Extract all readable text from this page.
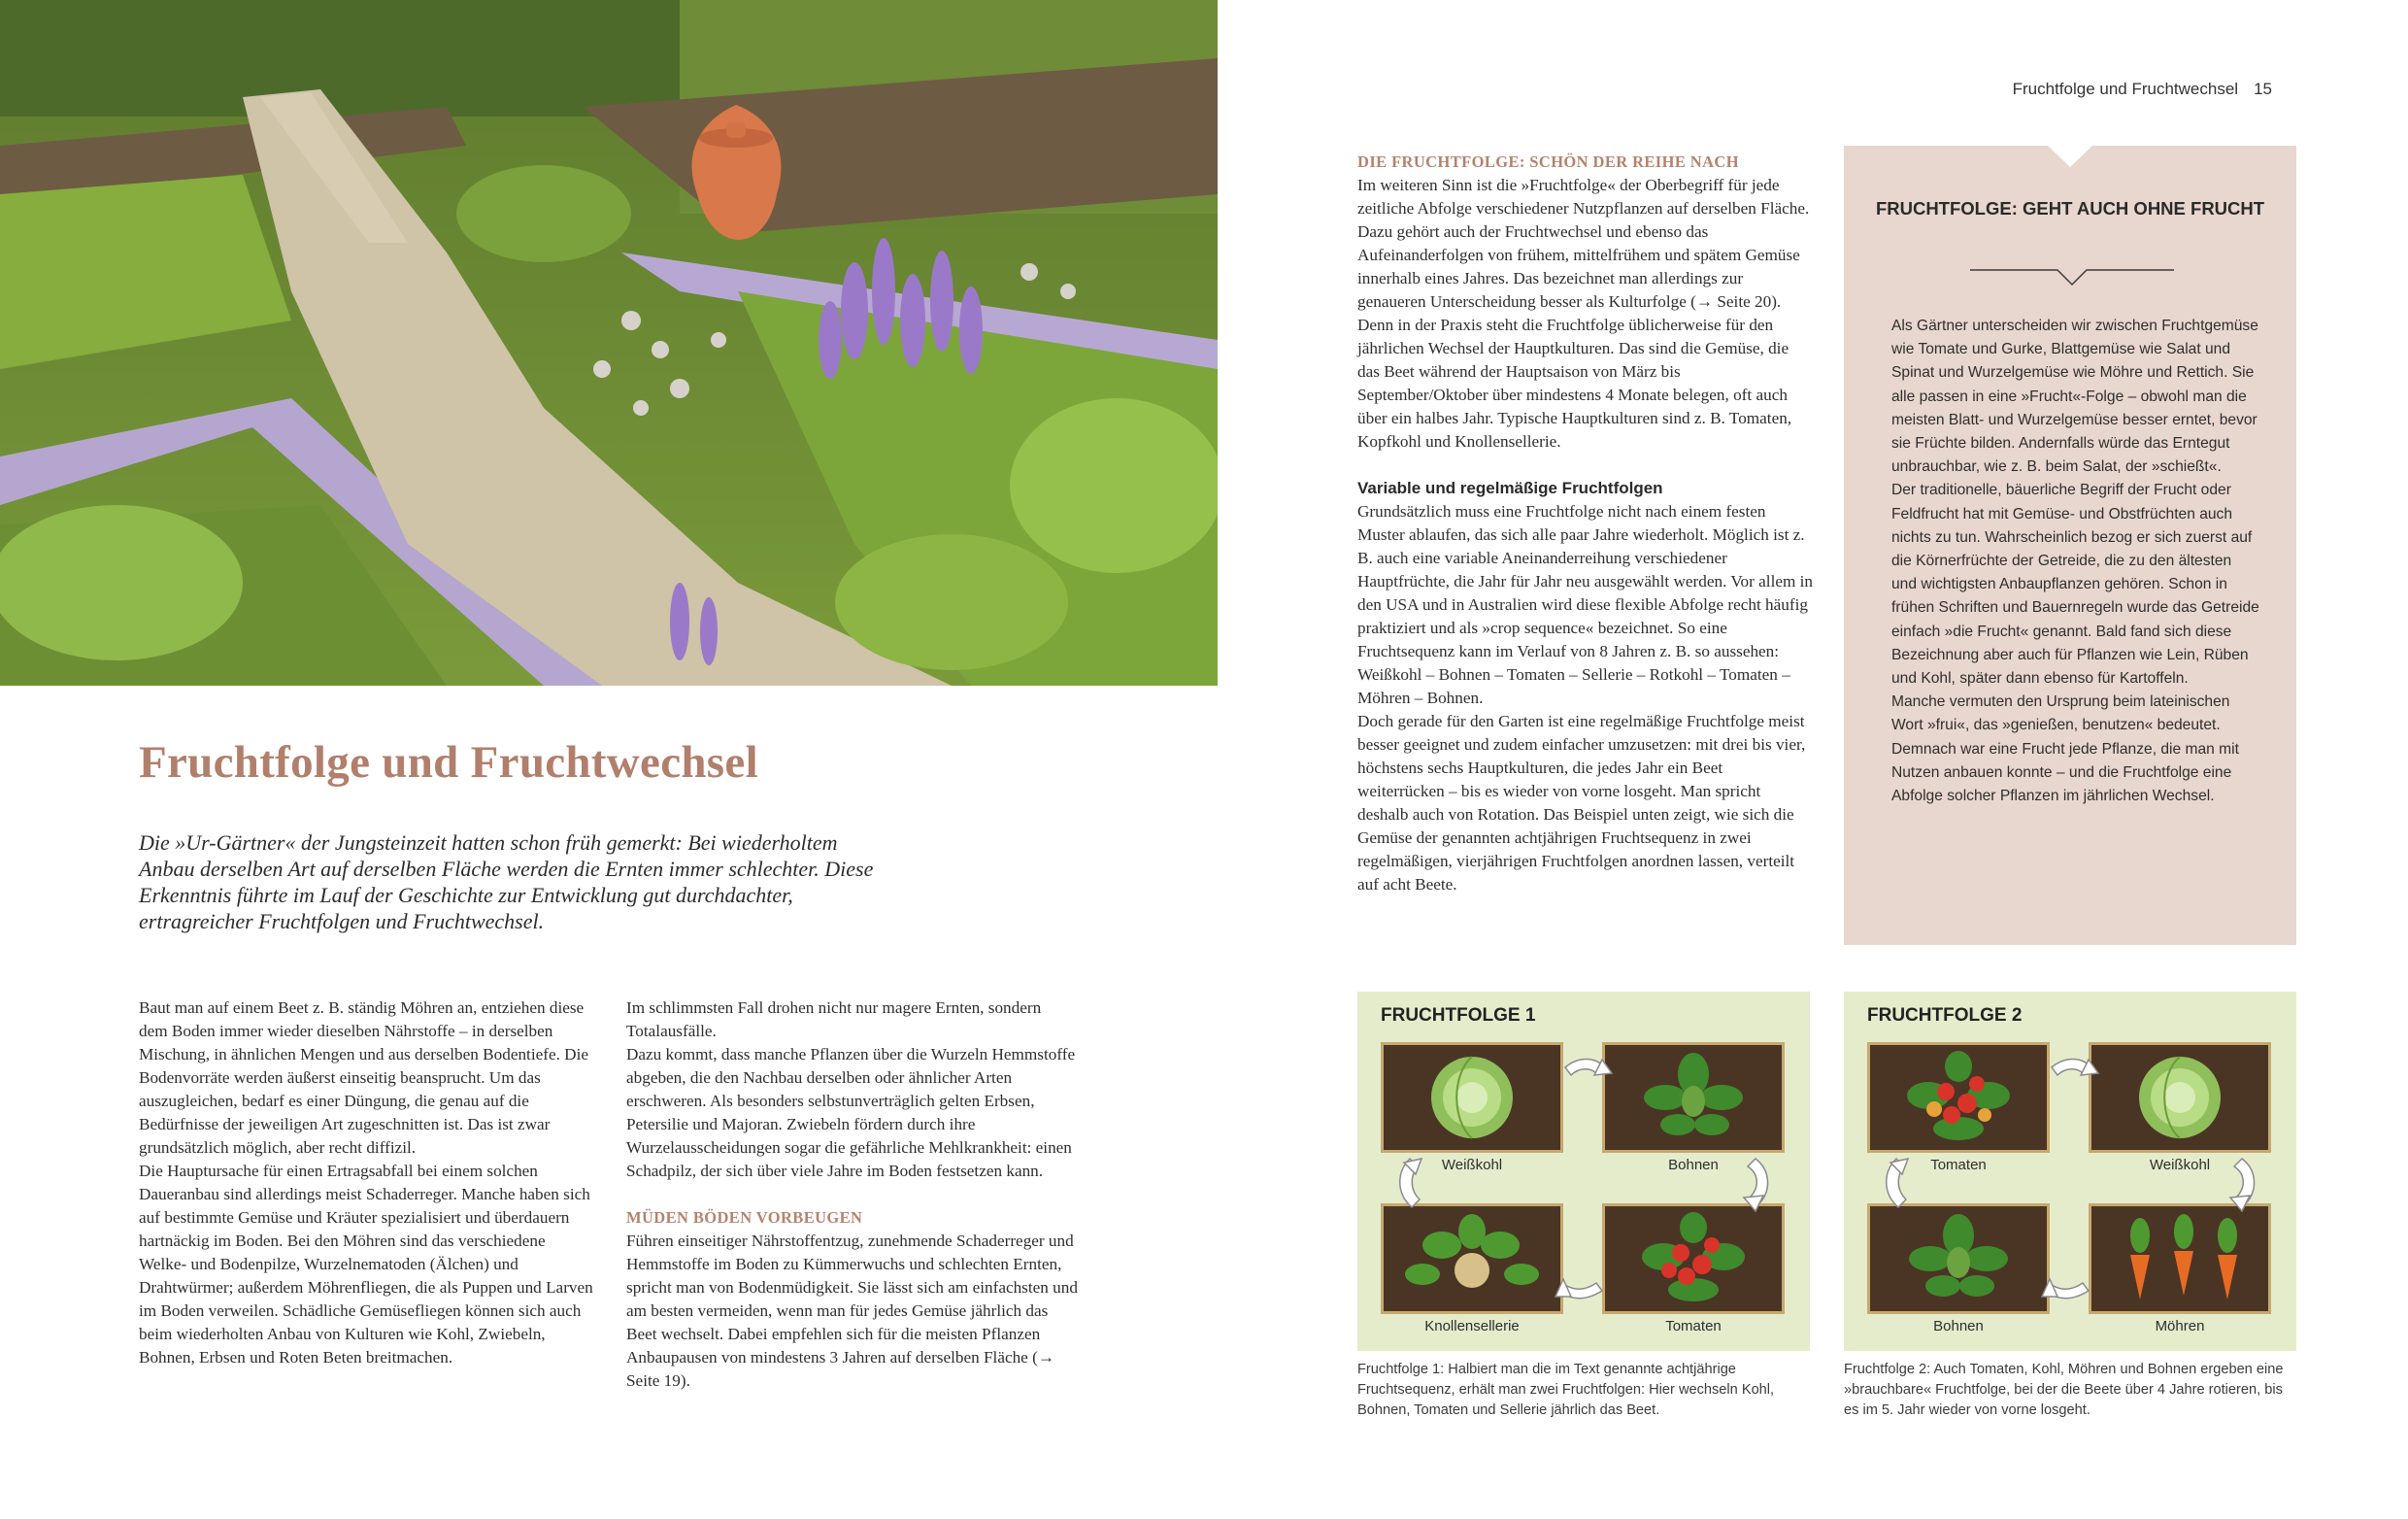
Fruchtfolge und Fruchtwechsel 15
Fruchtfolge und Fruchtwechsel
Die »Ur-Gärtner« der Jungsteinzeit hatten schon früh gemerkt: Bei wiederholtem Anbau derselben Art auf derselben Fläche werden die Ernten immer schlechter. Diese Erkenntnis führte im Lauf der Geschichte zur Entwicklung gut durchdachter, ertragreicher Fruchtfolgen und Fruchtwechsel.

Baut man auf einem Beet z. B. ständig Möhren an, entziehen diese dem Boden immer wieder dieselben Nährstoffe – in derselben Mischung, in ähnlichen Mengen und aus derselben Bodentiefe. Die Bodenvorräte werden äußerst einseitig beansprucht. Um das auszugleichen, bedarf es einer Düngung, die genau auf die Bedürfnisse der jeweiligen Art zugeschnitten ist. Das ist zwar grundsätzlich möglich, aber recht diffizil.

Die Hauptursache für einen Ertragsabfall bei einem solchen Daueranbau sind allerdings meist Schaderreger. Manche haben sich auf bestimmte Gemüse und Kräuter spezialisiert und überdauern hartnäckig im Boden. Bei den Möhren sind das verschiedene Welke- und Bodenpilze, Wurzelnematoden (Älchen) und Drahtwürmer; außerdem Möhrenfliegen, die als Puppen und Larven im Boden verweilen. Schädliche Gemüsefliegen können sich auch beim wiederholten Anbau von Kulturen wie Kohl, Zwiebeln, Bohnen, Erbsen und Roten Beten breitmachen.

Im schlimmsten Fall drohen nicht nur magere Ernten, sondern Totalausfälle.

Dazu kommt, dass manche Pflanzen über die Wurzeln Hemmstoffe abgeben, die den Nachbau derselben oder ähnlicher Arten erschweren. Als besonders selbstunverträglich gelten Erbsen, Petersilie und Majoran. Zwiebeln fördern durch ihre Wurzelausscheidungen sogar die gefährliche Mehlkrankheit: einen Schadpilz, der sich über viele Jahre im Boden festsetzen kann.

MÜDEN BÖDEN VORBEUGEN

Führen einseitiger Nährstoffentzug, zunehmende Schaderreger und Hemmstoffe im Boden zu Kümmerwuchs und schlechten Ernten, spricht man von Bodenmüdigkeit. Sie lässt sich am einfachsten und am besten vermeiden, wenn man für jedes Gemüse jährlich das Beet wechselt. Dabei empfehlen sich für die meisten Pflanzen Anbaupausen von mindestens 3 Jahren auf derselben Fläche (→ Seite 19).

DIE FRUCHTFOLGE: SCHÖN DER REIHE NACH

Im weiteren Sinn ist die »Fruchtfolge« der Oberbegriff für jede zeitliche Abfolge verschiedener Nutzpflanzen auf derselben Fläche. Dazu gehört auch der Fruchtwechsel und ebenso das Aufeinanderfolgen von frühem, mittelfrühem und spätem Gemüse innerhalb eines Jahres. Das bezeichnet man allerdings zur genaueren Unterscheidung besser als Kulturfolge (→ Seite 20).

Denn in der Praxis steht die Fruchtfolge üblicherweise für den jährlichen Wechsel der Hauptkulturen. Das sind die Gemüse, die das Beet während der Hauptsaison von März bis September/Oktober über mindestens 4 Monate belegen, oft auch über ein halbes Jahr. Typische Hauptkulturen sind z. B. Tomaten, Kopfkohl und Knollensellerie.

Variable und regelmäßige Fruchtfolgen

Grundsätzlich muss eine Fruchtfolge nicht nach einem festen Muster ablaufen, das sich alle paar Jahre wiederholt. Möglich ist z. B. auch eine variable Aneinanderreihung verschiedener Hauptfrüchte, die Jahr für Jahr neu ausgewählt werden. Vor allem in den USA und in Australien wird diese flexible Abfolge recht häufig praktiziert und als »crop sequence« bezeichnet. So eine Fruchtsequenz kann im Verlauf von 8 Jahren z. B. so aussehen: Weißkohl – Bohnen – Tomaten – Sellerie – Rotkohl – Tomaten – Möhren – Bohnen.

Doch gerade für den Garten ist eine regelmäßige Fruchtfolge meist besser geeignet und zudem einfacher umzusetzen: mit drei bis vier, höchstens sechs Hauptkulturen, die jedes Jahr ein Beet weiterrücken – bis es wieder von vorne losgeht. Man spricht deshalb auch von Rotation. Das Beispiel unten zeigt, wie sich die Gemüse der genannten achtjährigen Fruchtsequenz in zwei regelmäßigen, vierjährigen Fruchtfolgen anordnen lassen, verteilt auf acht Beete.

FRUCHTFOLGE: GEHT AUCH OHNE FRUCHT

Als Gärtner unterscheiden wir zwischen Fruchtgemüse wie Tomate und Gurke, Blattgemüse wie Salat und Spinat und Wurzelgemüse wie Möhre und Rettich. Sie alle passen in eine »Frucht«-Folge – obwohl man die meisten Blatt- und Wurzelgemüse besser erntet, bevor sie Früchte bilden. Andernfalls würde das Erntegut unbrauchbar, wie z. B. beim Salat, der »schießt«.

Der traditionelle, bäuerliche Begriff der Frucht oder Feldfrucht hat mit Gemüse- und Obstfrüchten auch nichts zu tun. Wahrscheinlich bezog er sich zuerst auf die Körnerfrüchte der Getreide, die zu den ältesten und wichtigsten Anbaupflanzen gehören. Schon in frühen Schriften und Bauernregeln wurde das Getreide einfach »die Frucht« genannt. Bald fand sich diese Bezeichnung aber auch für Pflanzen wie Lein, Rüben und Kohl, später dann ebenso für Kartoffeln.

Manche vermuten den Ursprung beim lateinischen Wort »frui«, das »genießen, benutzen« bedeutet. Demnach war eine Frucht jede Pflanze, die man mit Nutzen anbauen konnte – und die Fruchtfolge eine Abfolge solcher Pflanzen im jährlichen Wechsel.

FRUCHTFOLGE 1
Weißkohl	Bohnen
Knollensellerie	Tomaten
FRUCHTFOLGE 2
Tomaten	Weißkohl
Bohnen	Möhren
Fruchtfolge 1: Halbiert man die im Text genannte achtjährige Fruchtsequenz, erhält man zwei Fruchtfolgen: Hier wechseln Kohl, Bohnen, Tomaten und Sellerie jährlich das Beet.
Fruchtfolge 2: Auch Tomaten, Kohl, Möhren und Bohnen ergeben eine »brauchbare« Fruchtfolge, bei der die Beete über 4 Jahre rotieren, bis es im 5. Jahr wieder von vorne losgeht.
